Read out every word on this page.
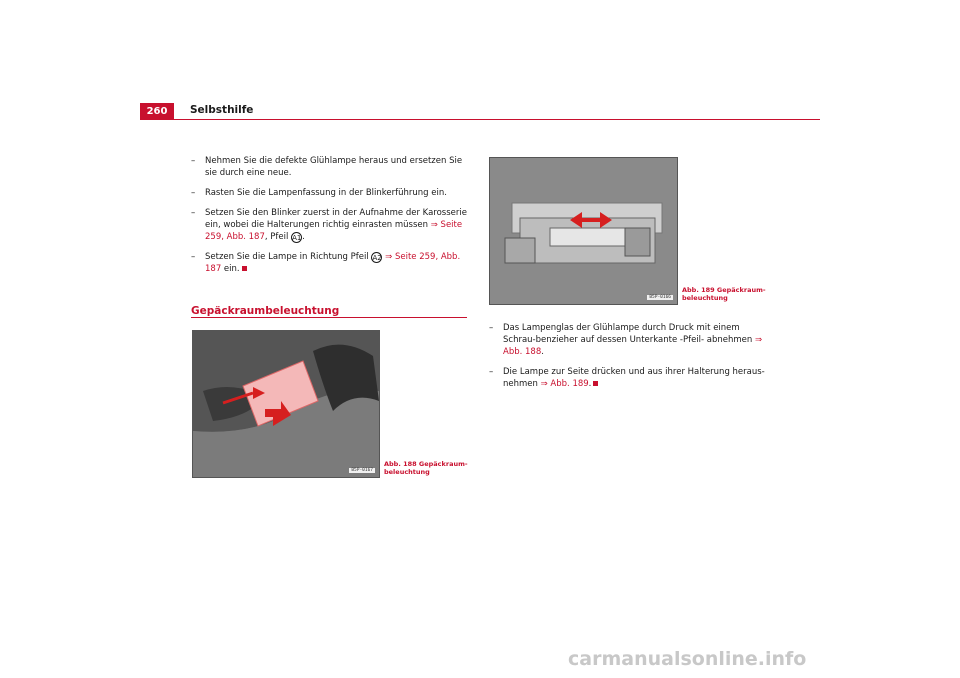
260	Selbsthilfe
– Nehmen Sie die defekte Glühlampe heraus und ersetzen Sie sie durch eine neue.
– Rasten Sie die Lampenfassung in der Blinkerführung ein.
– Setzen Sie den Blinker zuerst in der Aufnahme der Karosserie ein, wobei die Halterungen richtig einrasten müssen ⇒ Seite 259, Abb. 187, Pfeil A1.
– Setzen Sie die Lampe in Richtung Pfeil A2 ⇒ Seite 259, Abb. 187 ein.
Gepäckraumbeleuchtung
B5P-0167
Abb. 188 Gepäckraum-beleuchtung
B5P-0166
Abb. 189 Gepäckraum-beleuchtung
– Das Lampenglas der Glühlampe durch Druck mit einem Schrau-benzieher auf dessen Unterkante -Pfeil- abnehmen ⇒ Abb. 188.
– Die Lampe zur Seite drücken und aus ihrer Halterung heraus-nehmen ⇒ Abb. 189.
carmanualsonline.info
